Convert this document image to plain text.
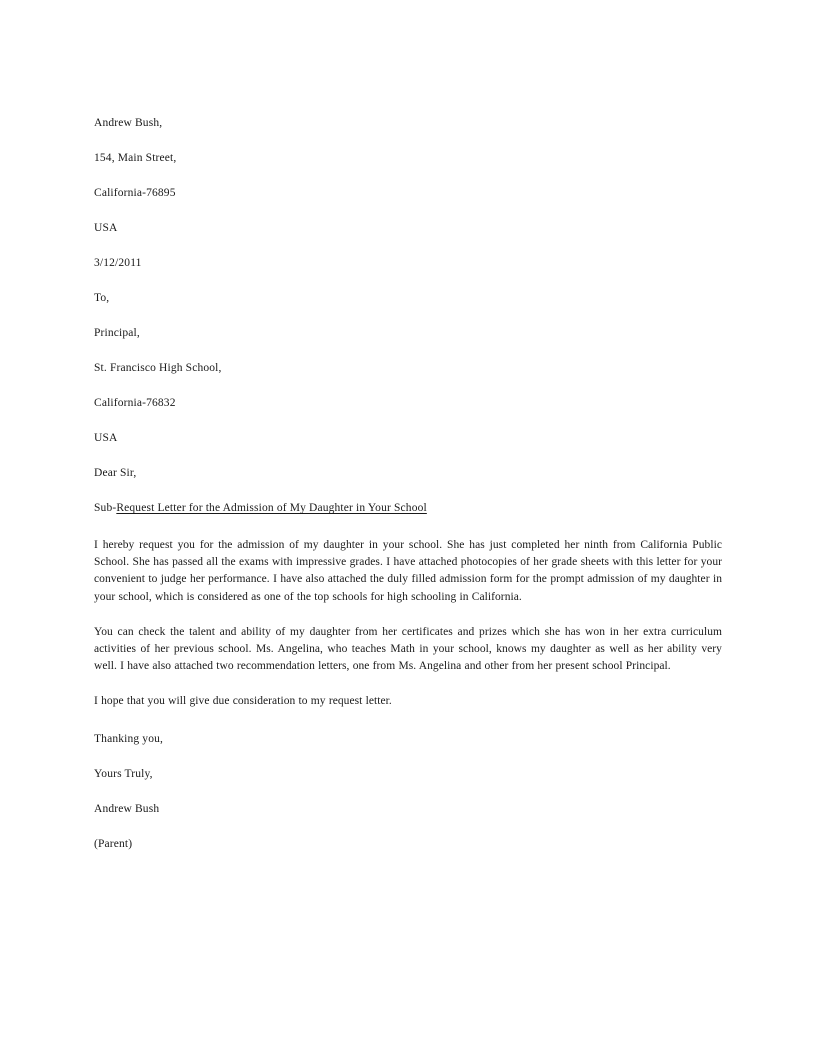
Andrew Bush,
154, Main Street,
California-76895
USA
3/12/2011
To,
Principal,
St. Francisco High School,
California-76832
USA
Dear Sir,
Sub-Request Letter for the Admission of My Daughter in Your School

I hereby request you for the admission of my daughter in your school. She has just completed her ninth from California Public School. She has passed all the exams with impressive grades. I have attached photocopies of her grade sheets with this letter for your convenient to judge her performance. I have also attached the duly filled admission form for the prompt admission of my daughter in your school, which is considered as one of the top schools for high schooling in California.

You can check the talent and ability of my daughter from her certificates and prizes which she has won in her extra curriculum activities of her previous school. Ms. Angelina, who teaches Math in your school, knows my daughter as well as her ability very well. I have also attached two recommendation letters, one from Ms. Angelina and other from her present school Principal.

I hope that you will give due consideration to my request letter.

Thanking you,
Yours Truly,
Andrew Bush
(Parent)
